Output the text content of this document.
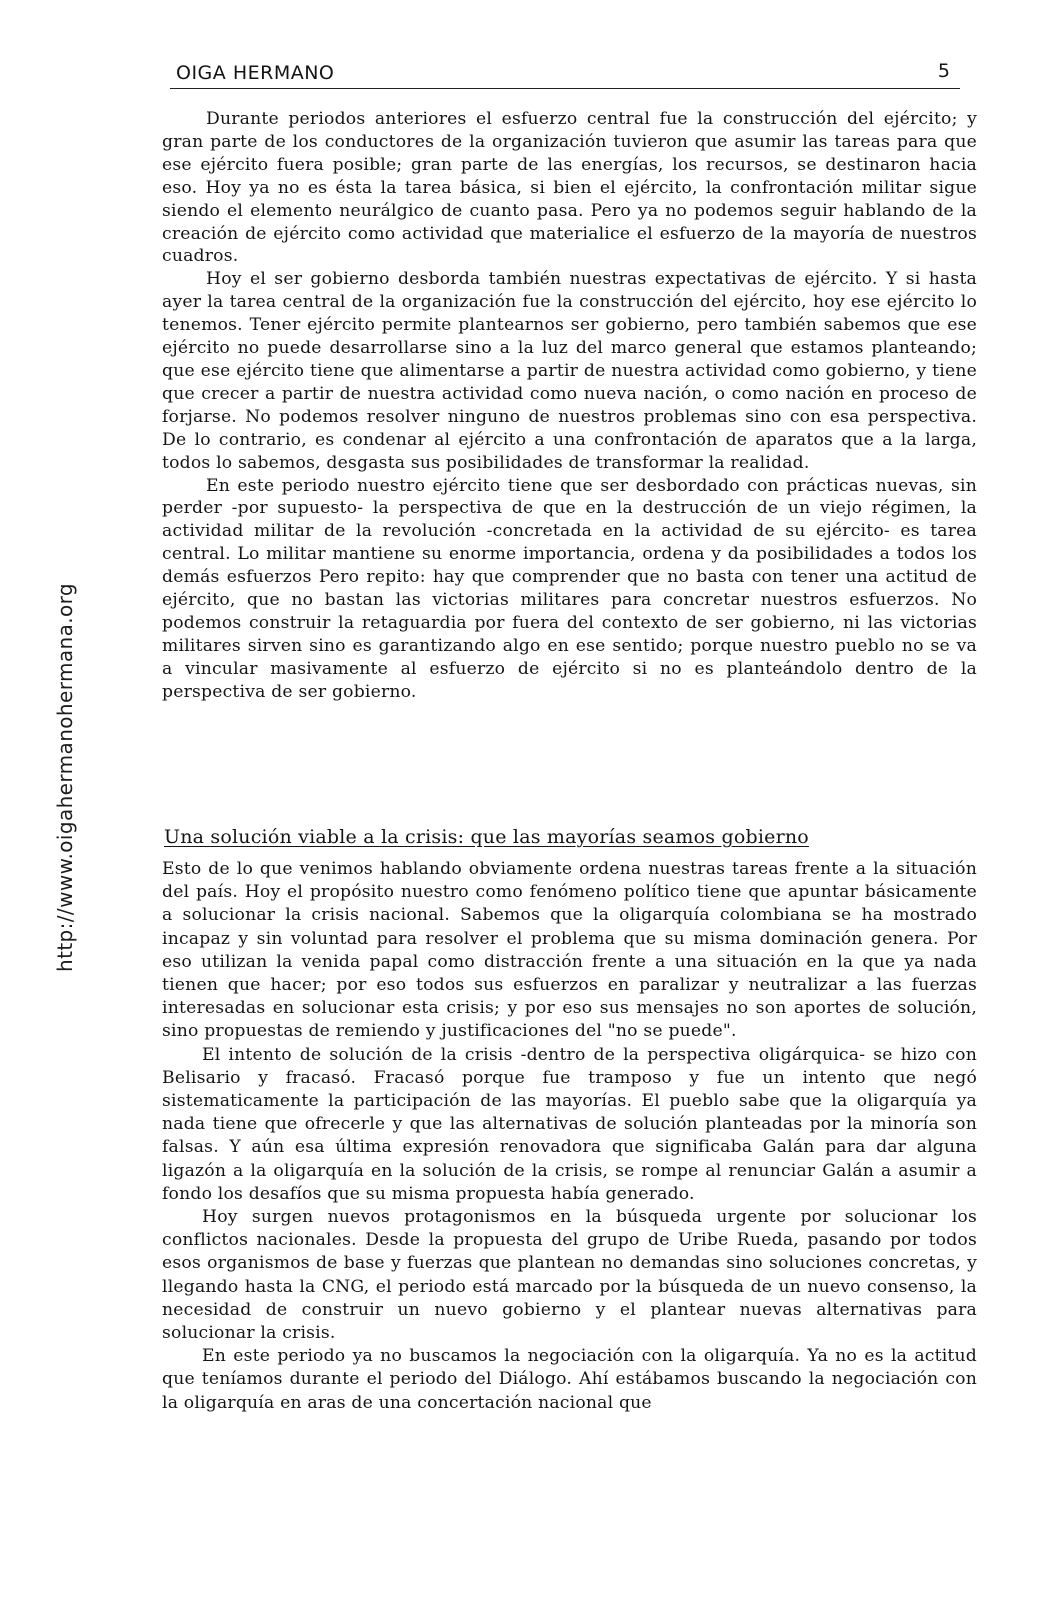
http://www.oigahermanohermana.org
OIGA HERMANO	5

Durante periodos anteriores el esfuerzo central fue la construcción del ejército; y gran parte de los conductores de la organización tuvieron que asumir las tareas para que ese ejército fuera posible; gran parte de las energías, los recursos, se destinaron hacia eso. Hoy ya no es ésta la tarea básica, si bien el ejército, la confrontación militar sigue siendo el elemento neurálgico de cuanto pasa. Pero ya no podemos seguir hablando de la creación de ejército como actividad que materialice el esfuerzo de la mayoría de nuestros cuadros.

Hoy el ser gobierno desborda también nuestras expectativas de ejército. Y si hasta ayer la tarea central de la organización fue la construcción del ejército, hoy ese ejército lo tenemos. Tener ejército permite plantearnos ser gobierno, pero también sabemos que ese ejército no puede desarrollarse sino a la luz del marco general que estamos planteando; que ese ejército tiene que alimentarse a partir de nuestra actividad como gobierno, y tiene que crecer a partir de nuestra actividad como nueva nación, o como nación en proceso de forjarse. No podemos resolver ninguno de nuestros problemas sino con esa perspectiva. De lo contrario, es condenar al ejército a una confrontación de aparatos que a la larga, todos lo sabemos, desgasta sus posibilidades de transformar la realidad.

En este periodo nuestro ejército tiene que ser desbordado con prácticas nuevas, sin perder -por supuesto- la perspectiva de que en la destrucción de un viejo régimen, la actividad militar de la revolución -concretada en la actividad de su ejército- es tarea central. Lo militar mantiene su enorme importancia, ordena y da posibilidades a todos los demás esfuerzos Pero repito: hay que comprender que no basta con tener una actitud de ejército, que no bastan las victorias militares para concretar nuestros esfuerzos. No podemos construir la retaguardia por fuera del contexto de ser gobierno, ni las victorias militares sirven sino es garantizando algo en ese sentido; porque nuestro pueblo no se va a vincular masivamente al esfuerzo de ejército si no es planteándolo dentro de la perspectiva de ser gobierno.

Una solución viable a la crisis: que las mayorías seamos gobierno

Esto de lo que venimos hablando obviamente ordena nuestras tareas frente a la situación del país. Hoy el propósito nuestro como fenómeno político tiene que apuntar básicamente a solucionar la crisis nacional. Sabemos que la oligarquía colombiana se ha mostrado incapaz y sin voluntad para resolver el problema que su misma dominación genera. Por eso utilizan la venida papal como distracción frente a una situación en la que ya nada tienen que hacer; por eso todos sus esfuerzos en paralizar y neutralizar a las fuerzas interesadas en solucionar esta crisis; y por eso sus mensajes no son aportes de solución, sino propuestas de remiendo y justificaciones del "no se puede".

El intento de solución de la crisis -dentro de la perspectiva oligárquica- se hizo con Belisario y fracasó. Fracasó porque fue tramposo y fue un intento que negó sistematicamente la participación de las mayorías. El pueblo sabe que la oligarquía ya nada tiene que ofrecerle y que las alternativas de solución planteadas por la minoría son falsas. Y aún esa última expresión renovadora que significaba Galán para dar alguna ligazón a la oligarquía en la solución de la crisis, se rompe al renunciar Galán a asumir a fondo los desafíos que su misma propuesta había generado.

Hoy surgen nuevos protagonismos en la búsqueda urgente por solucionar los conflictos nacionales. Desde la propuesta del grupo de Uribe Rueda, pasando por todos esos organismos de base y fuerzas que plantean no demandas sino soluciones concretas, y llegando hasta la CNG, el periodo está marcado por la búsqueda de un nuevo consenso, la necesidad de construir un nuevo gobierno y el plantear nuevas alternativas para solucionar la crisis.

En este periodo ya no buscamos la negociación con la oligarquía. Ya no es la actitud que teníamos durante el periodo del Diálogo. Ahí estábamos buscando la negociación con la oligarquía en aras de una concertación nacional que
